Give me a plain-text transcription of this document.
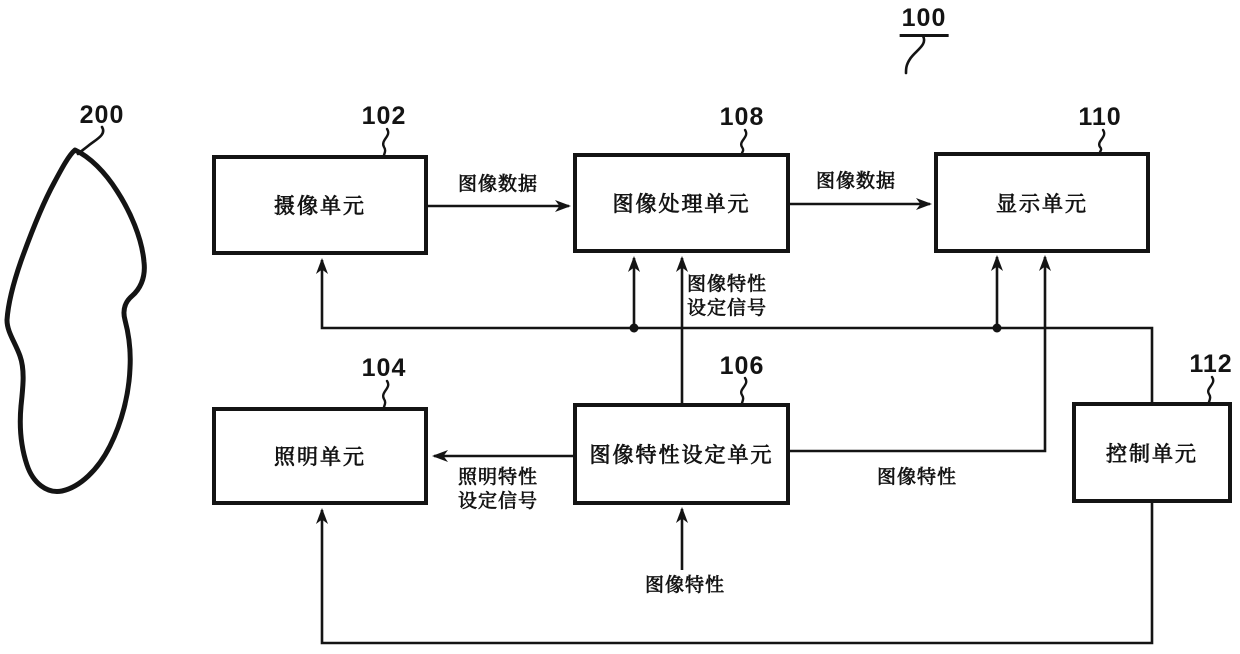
摄像单元	图像处理单元	显示单元
照明单元	图像特性设定单元	控制单元
100
200	102	108	110
104	106	112
图像数据	图像数据
图像特性
设定信号
照明特性
设定信号
图像特性
图像特性
